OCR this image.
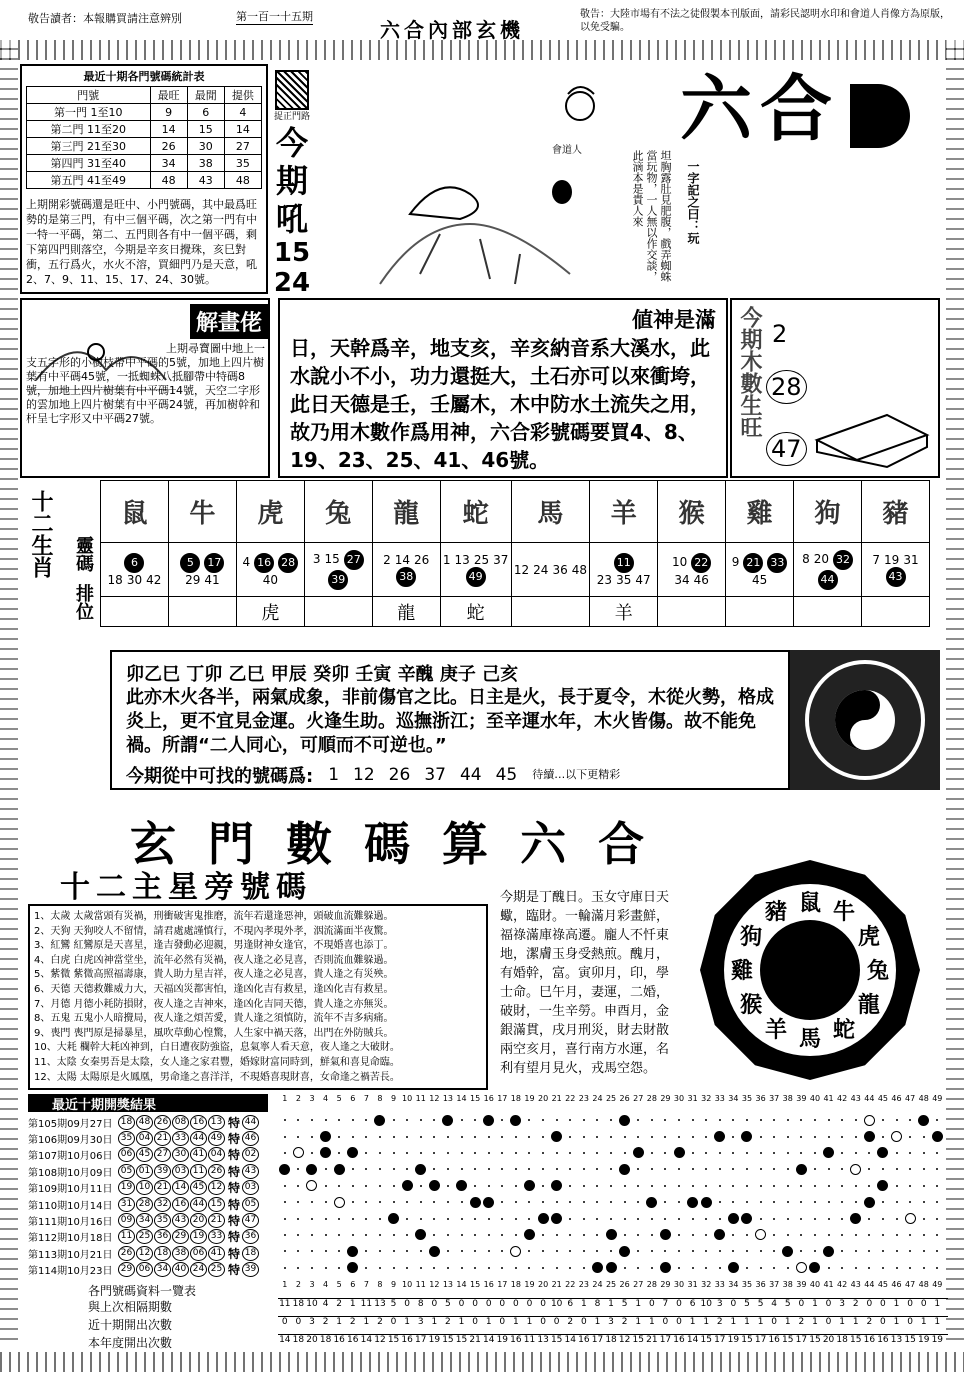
敬告讀者：本報購買請注意辨別	第一百一十五期
六合內部玄機
敬告：大陸市場有不法之徒假製本刊版面，請彩民認明水印和會道人肖像方為原版，以免受騙。
最近十期各門號碼統計表
門號	最旺	最閒	提供
第一門 1至10	9	6	4
第二門 11至20	14	15	14
第三門 21至30	26	30	27
第四門 31至40	34	38	35
第五門 41至49	48	43	48
上期開彩號碼還是旺中、小門號碼，其中最爲旺勢的是第三門，有中三個平碼，次之第一門有中一特一平碼，第二、五門則各有中一個平碼，剩下第四門則落空，今期是辛亥日攪珠，亥巳對衝，五行爲火，水火不溶，買細門乃是天意，吼2、7、9、11、15、17、24、30號。
捉正門路
今
期
吼
15
24
會道人	坦胸露肚見肥腹，戲弄蜘蛛當玩物，一人無以作交談，此滴本是貴人來
六合
一字記之曰：玩
解畫佬
上期尋寶圖中地上一支五字形的小樹枝帶中平碼的5號，加地上四片樹葉有中平碼45號，一抵蜘蛛八抵腳帶中特碼8號，加地上四片樹葉有中平碼14號，天空二字形的雲加地上四片樹葉有中平碼24號，再加樹幹和杆呈七字形又中平碼27號。
値神是滿
日，天幹爲辛，地支亥，辛亥納音系大溪水，此水說小不小，功力還挺大，土石亦可以來衝垮，此日天德是壬，壬屬木，木中防水土流失之用，故乃用木數作爲用神，六合彩號碼要買4、8、19、23、25、41、46號。
今期木數生旺 2
28
47
十二生肖 靈碼
排位
鼠	牛	虎	兔	龍	蛇	馬	羊	猴	雞	狗	豬

618 30 42	5 1729 41	4 16 2840	3 15 2739	2 14 2638	1 13 25 3749	12 24 36 48	1123 35 47	10 2234 46	9 21 3345	8 20 3244	7 19 3143
		虎		龍	蛇		羊				
卯乙巳 丁卯 乙巳 甲辰 癸卯 壬寅 辛醜 庚子 己亥
此亦木火各半，兩氣成象，非前傷官之比。日主是火，長于夏令，木從火勢，格成炎上，更不宜見金運。火逢生助。巡撫浙江；至辛運水年，木火皆傷。故不能免禍。所謂“二人同心，可順而不可逆也。”
今期從中可找的號碼爲: 1 12 26 37 44 45	待續…以下更精彩
玄 門 數 碼 算 六 合
十二主星旁號碼
1、太歲 太歲當頭有災禍，刑衝破害鬼推磨，流年若還逢惡神，頭破血流難躲過。
2、天狗 天狗咬人不留情，請君處處謹慎行，不現內孝現外孝，洇流滿面半夜驚。
3、紅鸞 紅鸞原是天喜星，逢吉發動必迎親，男逢財神女逢官，不現婚喜也添丁。
4、白虎 白虎凶神當堂坐，流年必然有災禍，夜人逢之必見喜，否則流血難躲過。
5、紫微 紫微高照福壽康，貴人助力星吉祥，夜人逢之必見喜，貴人逢之有災殃。
6、天德 天德救難威力大，天福凶災都害怕，逢凶化吉有救星，逢凶化吉有救星。
7、月德 月德小耗防損財，夜人逢之吉神來，逢凶化吉同天德，貴人逢之亦無災。
8、五鬼 五鬼小人暗攪局，夜人逢之煩苦愛，貴人逢之須慎防，流年不吉多病痛。
9、喪門 喪門原是掃暴星，風吹草動心惶驚，人生家中禍天落，出門在外防賊兵。
10、大耗 欄幹大耗凶神到，白日遭夜防強盜，息氣寧人看天意，夜人逢之大破財。
11、太陰 女秦男吾是太陰，女人逢之家君豐，婚嫁財富同時到，鮮氣和喜見命臨。
12、太陽 太陽原是火鳳凰，男命逢之喜洋洋，不現婚喜現財喜，女命逢之禍苦長。
今期是丁醜日。玉女守庫日天蠍，臨財。一輪滿月彩畫鮮，福祿滿庫祿高遷。龐人不忏東地，潔膚玉身受熱煎。醜月，有婚幹，富。寅卯月，印，學士命。巳午月，妻運，二婚，破財，一生辛勞。申酉月，金銀滿貫，戌月刑災，財去財散兩空亥月，喜行南方水運，名利有望月見火，戎馬空怨。
鼠 牛
虎
兔
龍
蛇
馬
羊
猴
雞
狗
豬
最近十期開獎結果
第105期09月27日 18 48 26 08 16 13 特 44
第106期09月30日 35 04 21 33 44 49 特 46
第107期10月06日 06 45 27 30 41 04 特 02
第108期10月09日 05 01 39 03 11 26 特 43
第109期10月11日 19 10 21 14 45 12 特 03
第110期10月14日 31 28 32 16 44 15 特 05
第111期10月16日 09 34 35 43 20 21 特 47
第112期10月18日 11 25 36 29 19 33 特 36
第113期10月21日 26 12 18 38 06 41 特 18
第114期10月23日 29 06 34 40 24 25 特 39
1	2	3	4	5	6	7	8	9 10 11 12 13 14 15 16 17 18 19 20 21 22 23 24 25 26 27 28 29 30 31 32 33 34 35 36 37 38 39 40 41 42 43 44 45 46 47 48 49
各門號碼資料一覽表
與上次相隔期數
近十期開出次數
本年度開出次數
1	2	3	4	5	6	7	8	9 10 11 12 13 14 15 16 17 18 19 20 21 22 23 24 25 26 27 28 29 30 31 32 33 34 35 36 37 38 39 40 41 42 43 44 45 46 47 48 49
11 18 10 4 2 1 11 13 5 0 8 0 5 0 0 0 0 0 0 0 10 6 1 8 1 5 1 0 7 0 6 10 3 0 5 5 4 5 0 1 0 3 2 0 0 1 0 0 1
0 0 3 2 1 2 1 2 0 1 3 1 2 1 0 1 0 1 1 0 0 2 0 1 3 2 1 1 0 0 1 1 2 1 1 1 0 1 2 1 0 1 1 2 0 1 0 1 1
14 18 20 18 16 16 14 12 15 16 17 19 15 15 21 14 19 16 11 13 15 14 16 17 18 12 15 21 17 16 14 15 17 19 15 17 16 15 17 15 20 18 15 16 16 13 15 19 19
